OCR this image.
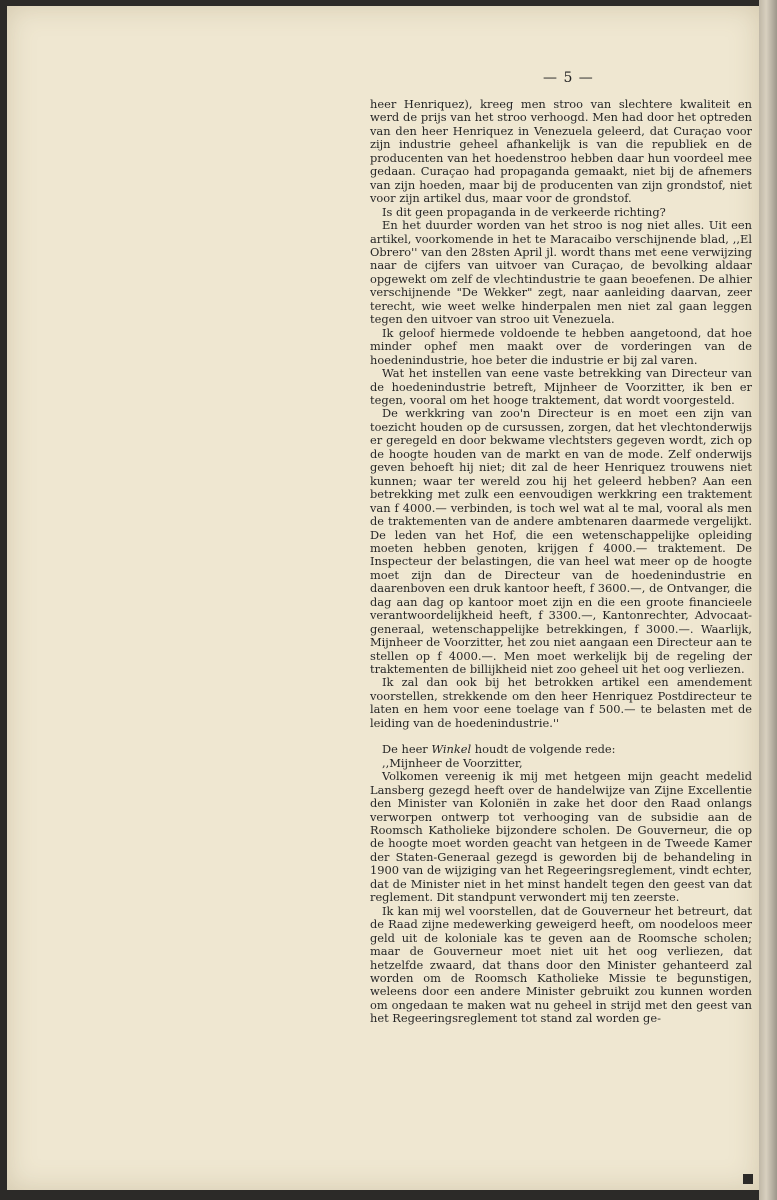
— 5 —

heer Henriquez), kreeg men stroo van slechtere kwaliteit en werd de prijs van het stroo verhoogd. Men had door het optreden van den heer Henriquez in Venezuela geleerd, dat Curaçao voor zijn industrie geheel afhankelijk is van die republiek en de producenten van het hoedenstroo hebben daar hun voordeel mee gedaan. Curaçao had propaganda gemaakt, niet bij de afnemers van zijn hoeden, maar bij de producenten van zijn grondstof, niet voor zijn artikel dus, maar voor de grondstof.

Is dit geen propaganda in de verkeerde richting?

En het duurder worden van het stroo is nog niet alles. Uit een artikel, voorkomende in het te Maracaibo verschijnende blad, ,,El Obrero'' van den 28sten April jl. wordt thans met eene verwijzing naar de cijfers van uitvoer van Curaçao, de bevolking aldaar opgewekt om zelf de vlechtindustrie te gaan beoefenen. De alhier verschijnende "De Wekker" zegt, naar aanleiding daarvan, zeer terecht, wie weet welke hinderpalen men niet zal gaan leggen tegen den uitvoer van stroo uit Venezuela.

Ik geloof hiermede voldoende te hebben aangetoond, dat hoe minder ophef men maakt over de vorderingen van de hoedenindustrie, hoe beter die industrie er bij zal varen.

Wat het instellen van eene vaste betrekking van Directeur van de hoedenindustrie betreft, Mijnheer de Voorzitter, ik ben er tegen, vooral om het hooge traktement, dat wordt voorgesteld.

De werkkring van zoo'n Directeur is en moet een zijn van toezicht houden op de cursussen, zorgen, dat het vlechtonderwijs er geregeld en door bekwame vlechtsters gegeven wordt, zich op de hoogte houden van de markt en van de mode. Zelf onderwijs geven behoeft hij niet; dit zal de heer Henriquez trouwens niet kunnen; waar ter wereld zou hij het geleerd hebben? Aan een betrekking met zulk een eenvoudigen werkkring een traktement van f 4000.— verbinden, is toch wel wat al te mal, vooral als men de traktementen van de andere ambtenaren daarmede vergelijkt. De leden van het Hof, die een wetenschappelijke opleiding moeten hebben genoten, krijgen f 4000.— traktement. De Inspecteur der belastingen, die van heel wat meer op de hoogte moet zijn dan de Directeur van de hoedenindustrie en daarenboven een druk kantoor heeft, f 3600.—, de Ontvanger, die dag aan dag op kantoor moet zijn en die een groote financieele verantwoordelijkheid heeft, f 3300.—, Kantonrechter, Advocaat-generaal, wetenschappelijke betrekkingen, f 3000.—. Waarlijk, Mijnheer de Voorzitter, het zou niet aangaan een Directeur aan te stellen op f 4000.—. Men moet werkelijk bij de regeling der traktementen de billijkheid niet zoo geheel uit het oog verliezen.

Ik zal dan ook bij het betrokken artikel een amendement voorstellen, strekkende om den heer Henriquez Postdirecteur te laten en hem voor eene toelage van f 500.— te belasten met de leiding van de hoedenindustrie.''

De heer Winkel houdt de volgende rede:

,,Mijnheer de Voorzitter,

Volkomen vereenig ik mij met hetgeen mijn geacht medelid Lansberg gezegd heeft over de handelwijze van Zijne Excellentie den Minister van Koloniën in zake het door den Raad onlangs verworpen ontwerp tot verhooging van de subsidie aan de Roomsch Katholieke bijzondere scholen. De Gouverneur, die op de hoogte moet worden geacht van hetgeen in de Tweede Kamer der Staten-Generaal gezegd is geworden bij de behandeling in 1900 van de wijziging van het Regeeringsreglement, vindt echter, dat de Minister niet in het minst handelt tegen den geest van dat reglement. Dit standpunt verwondert mij ten zeerste.

Ik kan mij wel voorstellen, dat de Gouverneur het betreurt, dat de Raad zijne medewerking geweigerd heeft, om noodeloos meer geld uit de koloniale kas te geven aan de Roomsche scholen; maar de Gouverneur moet niet uit het oog verliezen, dat hetzelfde zwaard, dat thans door den Minister gehanteerd zal worden om de Roomsch Katholieke Missie te begunstigen, weleens door een andere Minister gebruikt zou kunnen worden om ongedaan te maken wat nu geheel in strijd met den geest van het Regeeringsreglement tot stand zal worden ge-
